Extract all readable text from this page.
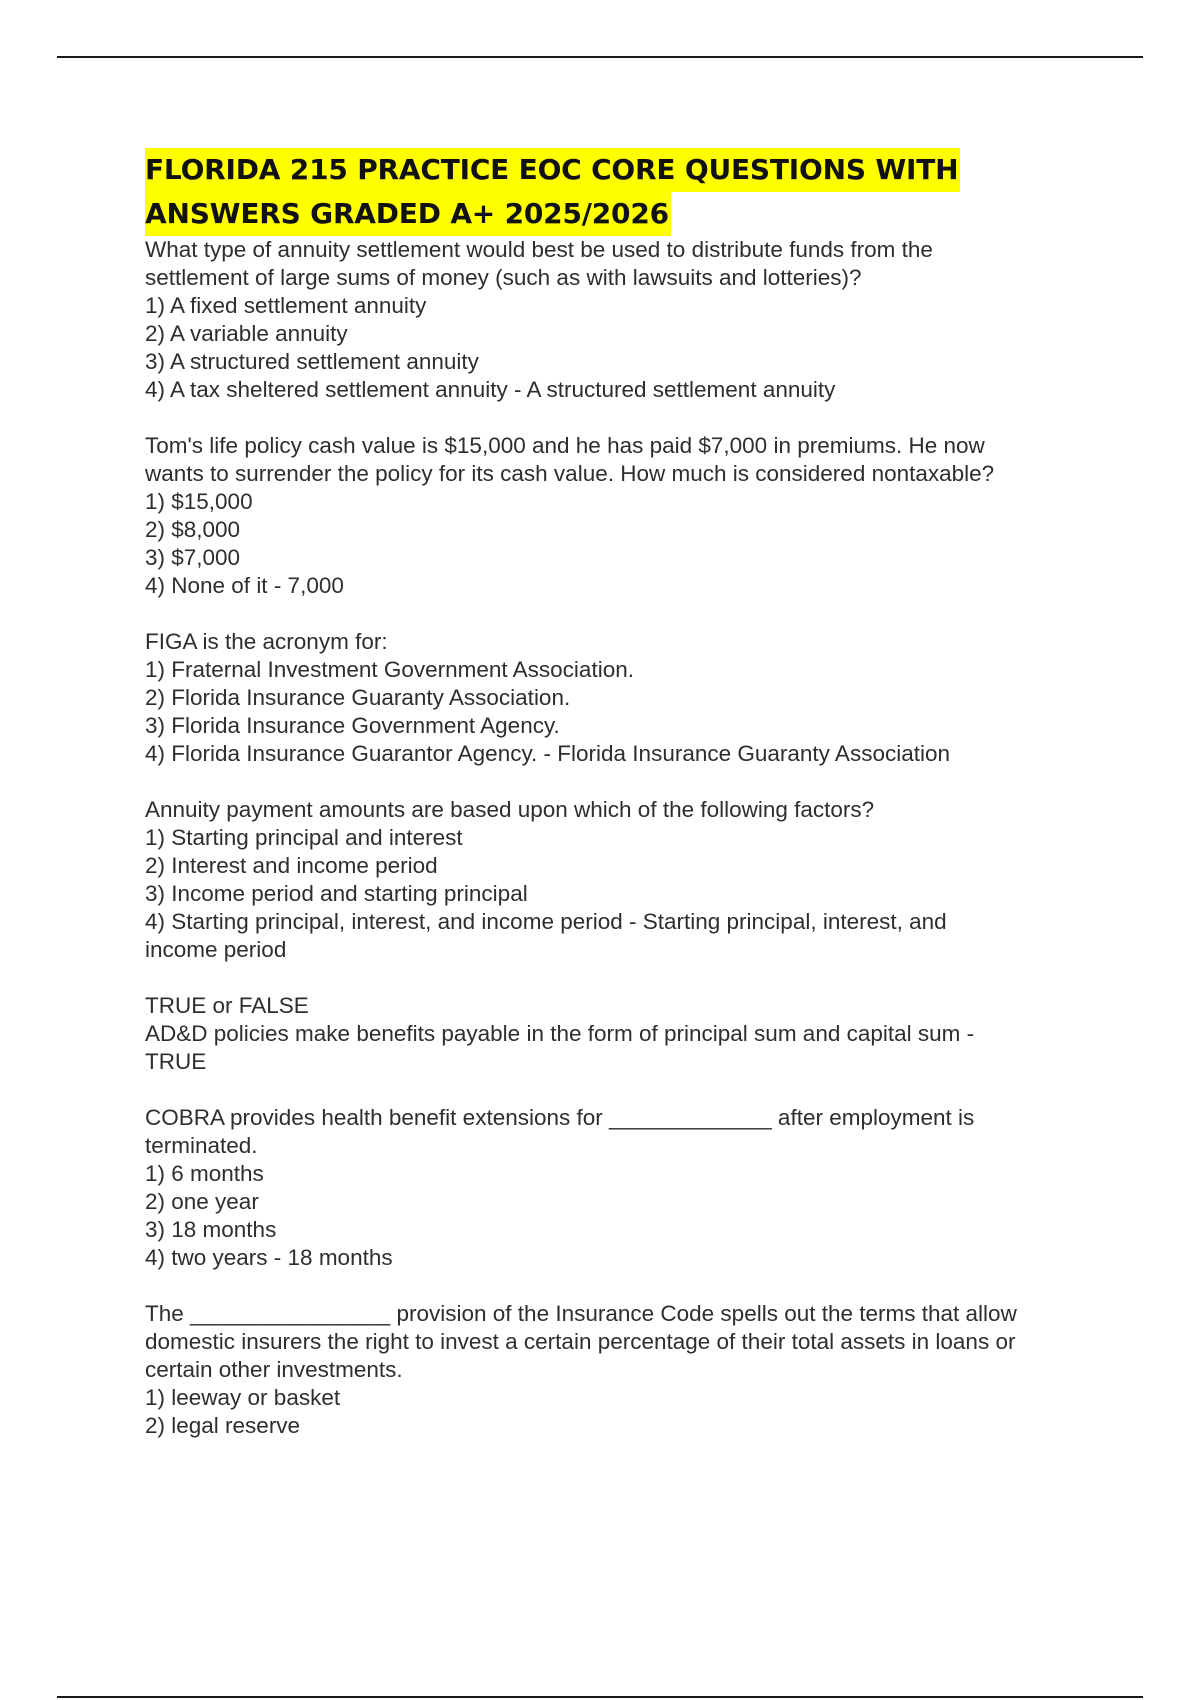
FLORIDA 215 PRACTICE EOC CORE QUESTIONS WITH
ANSWERS GRADED A+ 2025/2026
What type of annuity settlement would best be used to distribute funds from the
settlement of large sums of money (such as with lawsuits and lotteries)?
1) A fixed settlement annuity
2) A variable annuity
3) A structured settlement annuity
4) A tax sheltered settlement annuity - A structured settlement annuity
Tom's life policy cash value is $15,000 and he has paid $7,000 in premiums. He now
wants to surrender the policy for its cash value. How much is considered nontaxable?
1) $15,000
2) $8,000
3) $7,000
4) None of it - 7,000
FIGA is the acronym for:
1) Fraternal Investment Government Association.
2) Florida Insurance Guaranty Association.
3) Florida Insurance Government Agency.
4) Florida Insurance Guarantor Agency. - Florida Insurance Guaranty Association
Annuity payment amounts are based upon which of the following factors?
1) Starting principal and interest
2) Interest and income period
3) Income period and starting principal
4) Starting principal, interest, and income period - Starting principal, interest, and
income period
TRUE or FALSE
AD&D policies make benefits payable in the form of principal sum and capital sum -
TRUE
COBRA provides health benefit extensions for _____________ after employment is
terminated.
1) 6 months
2) one year
3) 18 months
4) two years - 18 months
The ________________ provision of the Insurance Code spells out the terms that allow
domestic insurers the right to invest a certain percentage of their total assets in loans or
certain other investments.
1) leeway or basket
2) legal reserve
